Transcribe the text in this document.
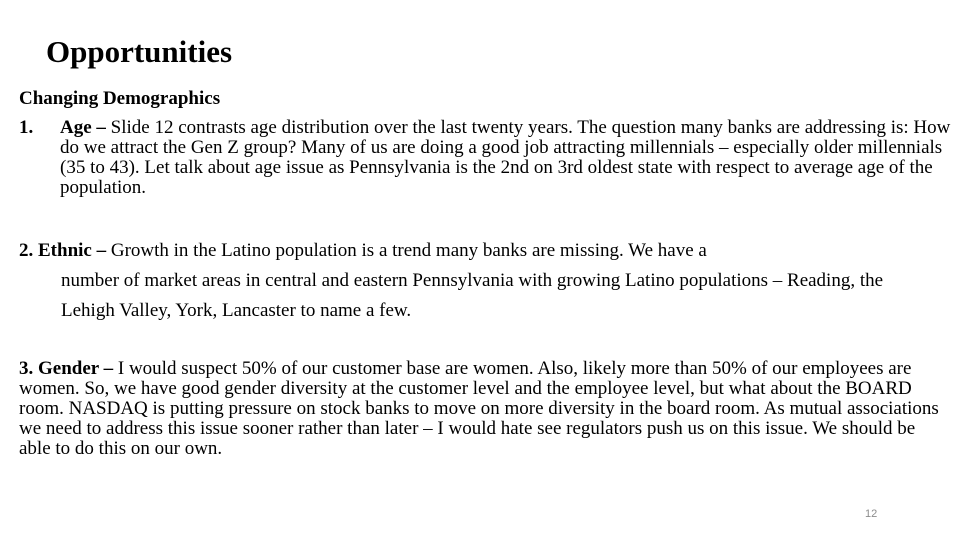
Opportunities
Changing Demographics
1. Age – Slide 12 contrasts age distribution over the last twenty years. The question many banks are addressing is: How do we attract the Gen Z group? Many of us are doing a good job attracting millennials – especially older millennials (35 to 43). Let talk about age issue as Pennsylvania is the 2nd on 3rd oldest state with respect to average age of the population.
2. Ethnic – Growth in the Latino population is a trend many banks are missing. We have a
number of market areas in central and eastern Pennsylvania with growing Latino populations – Reading, the Lehigh Valley, York, Lancaster to name a few.
3. Gender – I would suspect 50% of our customer base are women. Also, likely more than 50% of our employees are women. So, we have good gender diversity at the customer level and the employee level, but what about the BOARD room. NASDAQ is putting pressure on stock banks to move on more diversity in the board room. As mutual associations we need to address this issue sooner rather than later – I would hate see regulators push us on this issue. We should be able to do this on our own.
12
